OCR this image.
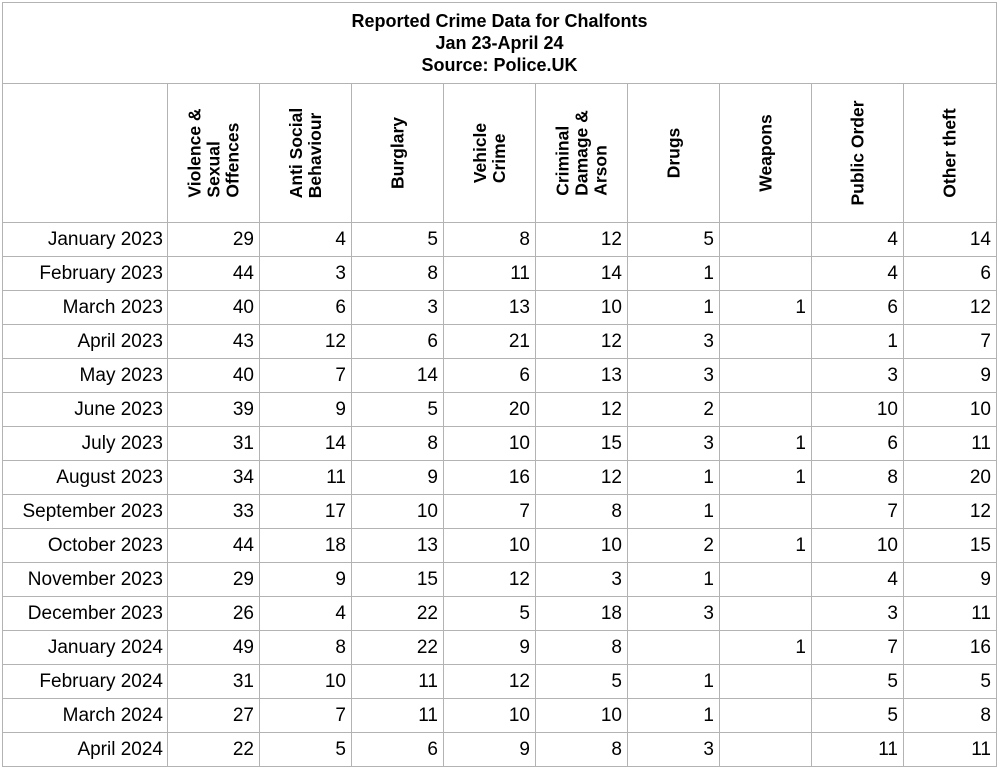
Reported Crime Data for Chalfonts
Jan 23-April 24
Source: Police.UK									

	Violence & Sexual Offences	Anti Social Behaviour	Burglary	Vehicle Crime	Criminal Damage & Arson	Drugs	Weapons	Public Order	Other theft

January 2023	29	4	5	8	12	5		4	14
February 2023	44	3	8	11	14	1		4	6
March 2023	40	6	3	13	10	1	1	6	12
April 2023	43	12	6	21	12	3		1	7
May 2023	40	7	14	6	13	3		3	9
June 2023	39	9	5	20	12	2		10	10
July 2023	31	14	8	10	15	3	1	6	11
August 2023	34	11	9	16	12	1	1	8	20
September 2023	33	17	10	7	8	1		7	12
October 2023	44	18	13	10	10	2	1	10	15
November 2023	29	9	15	12	3	1		4	9
December 2023	26	4	22	5	18	3		3	11
January 2024	49	8	22	9	8		1	7	16
February 2024	31	10	11	12	5	1		5	5
March 2024	27	7	11	10	10	1		5	8
April 2024	22	5	6	9	8	3		11	11
